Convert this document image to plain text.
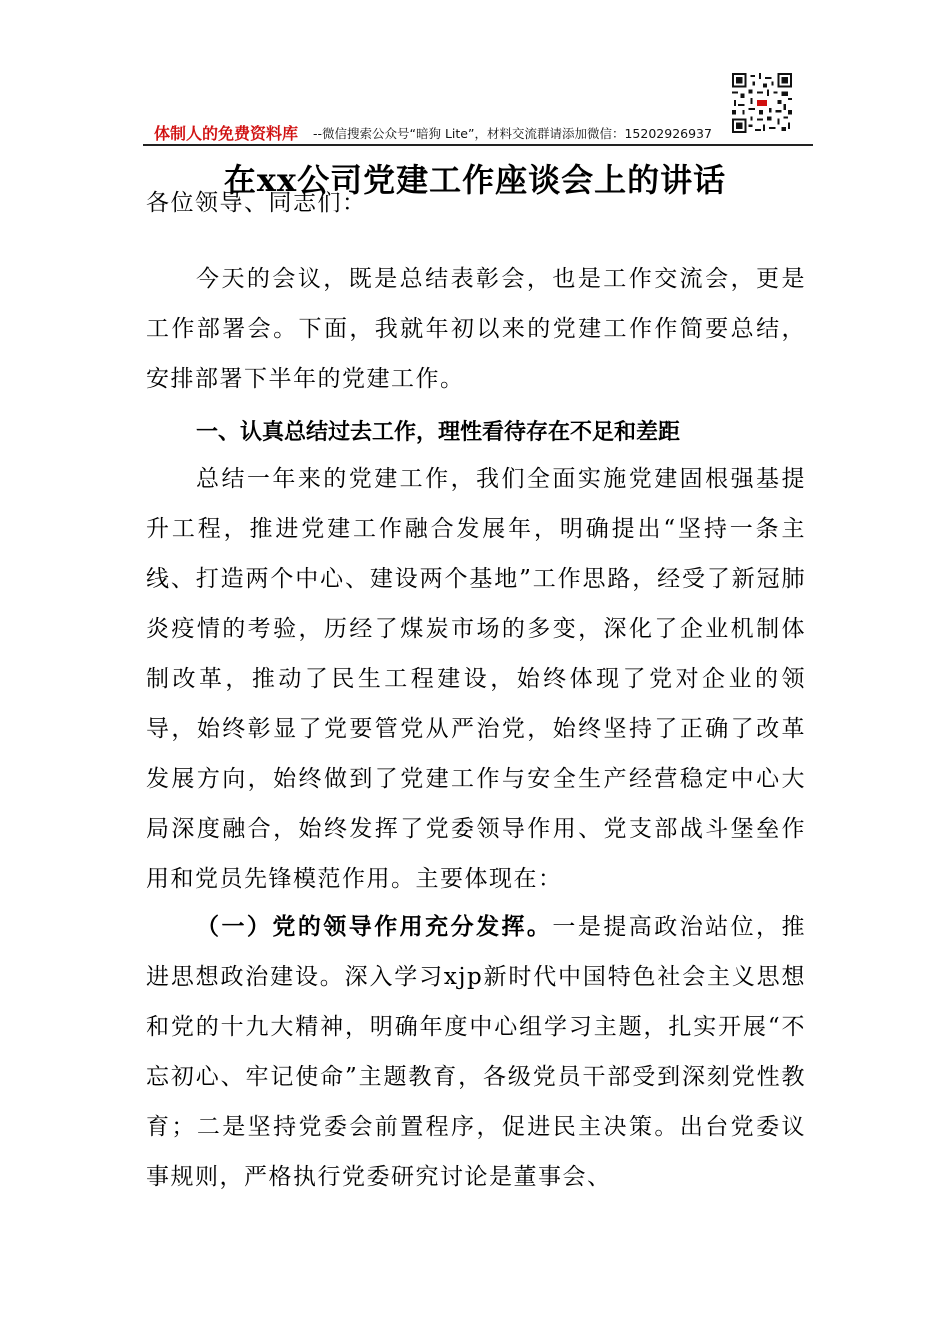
体制人的免费资料库 --微信搜索公众号“暗狗 Lite”，材料交流群请添加微信：15202926937
在xx公司党建工作座谈会上的讲话
各位领导、同志们：
今天的会议，既是总结表彰会，也是工作交流会，更是工作部署会。下面，我就年初以来的党建工作作简要总结，安排部署下半年的党建工作。
一、认真总结过去工作，理性看待存在不足和差距
总结一年来的党建工作，我们全面实施党建固根强基提升工程，推进党建工作融合发展年，明确提出“坚持一条主线、打造两个中心、建设两个基地”工作思路，经受了新冠肺炎疫情的考验，历经了煤炭市场的多变，深化了企业机制体制改革，推动了民生工程建设，始终体现了党对企业的领导，始终彰显了党要管党从严治党，始终坚持了正确了改革发展方向，始终做到了党建工作与安全生产经营稳定中心大局深度融合，始终发挥了党委领导作用、党支部战斗堡垒作用和党员先锋模范作用。主要体现在：
（一）党的领导作用充分发挥。一是提高政治站位，推进思想政治建设。深入学习xjp新时代中国特色社会主义思想和党的十九大精神，明确年度中心组学习主题，扎实开展“不忘初心、牢记使命”主题教育，各级党员干部受到深刻党性教育；二是坚持党委会前置程序，促进民主决策。出台党委议事规则，严格执行党委研究讨论是董事会、
